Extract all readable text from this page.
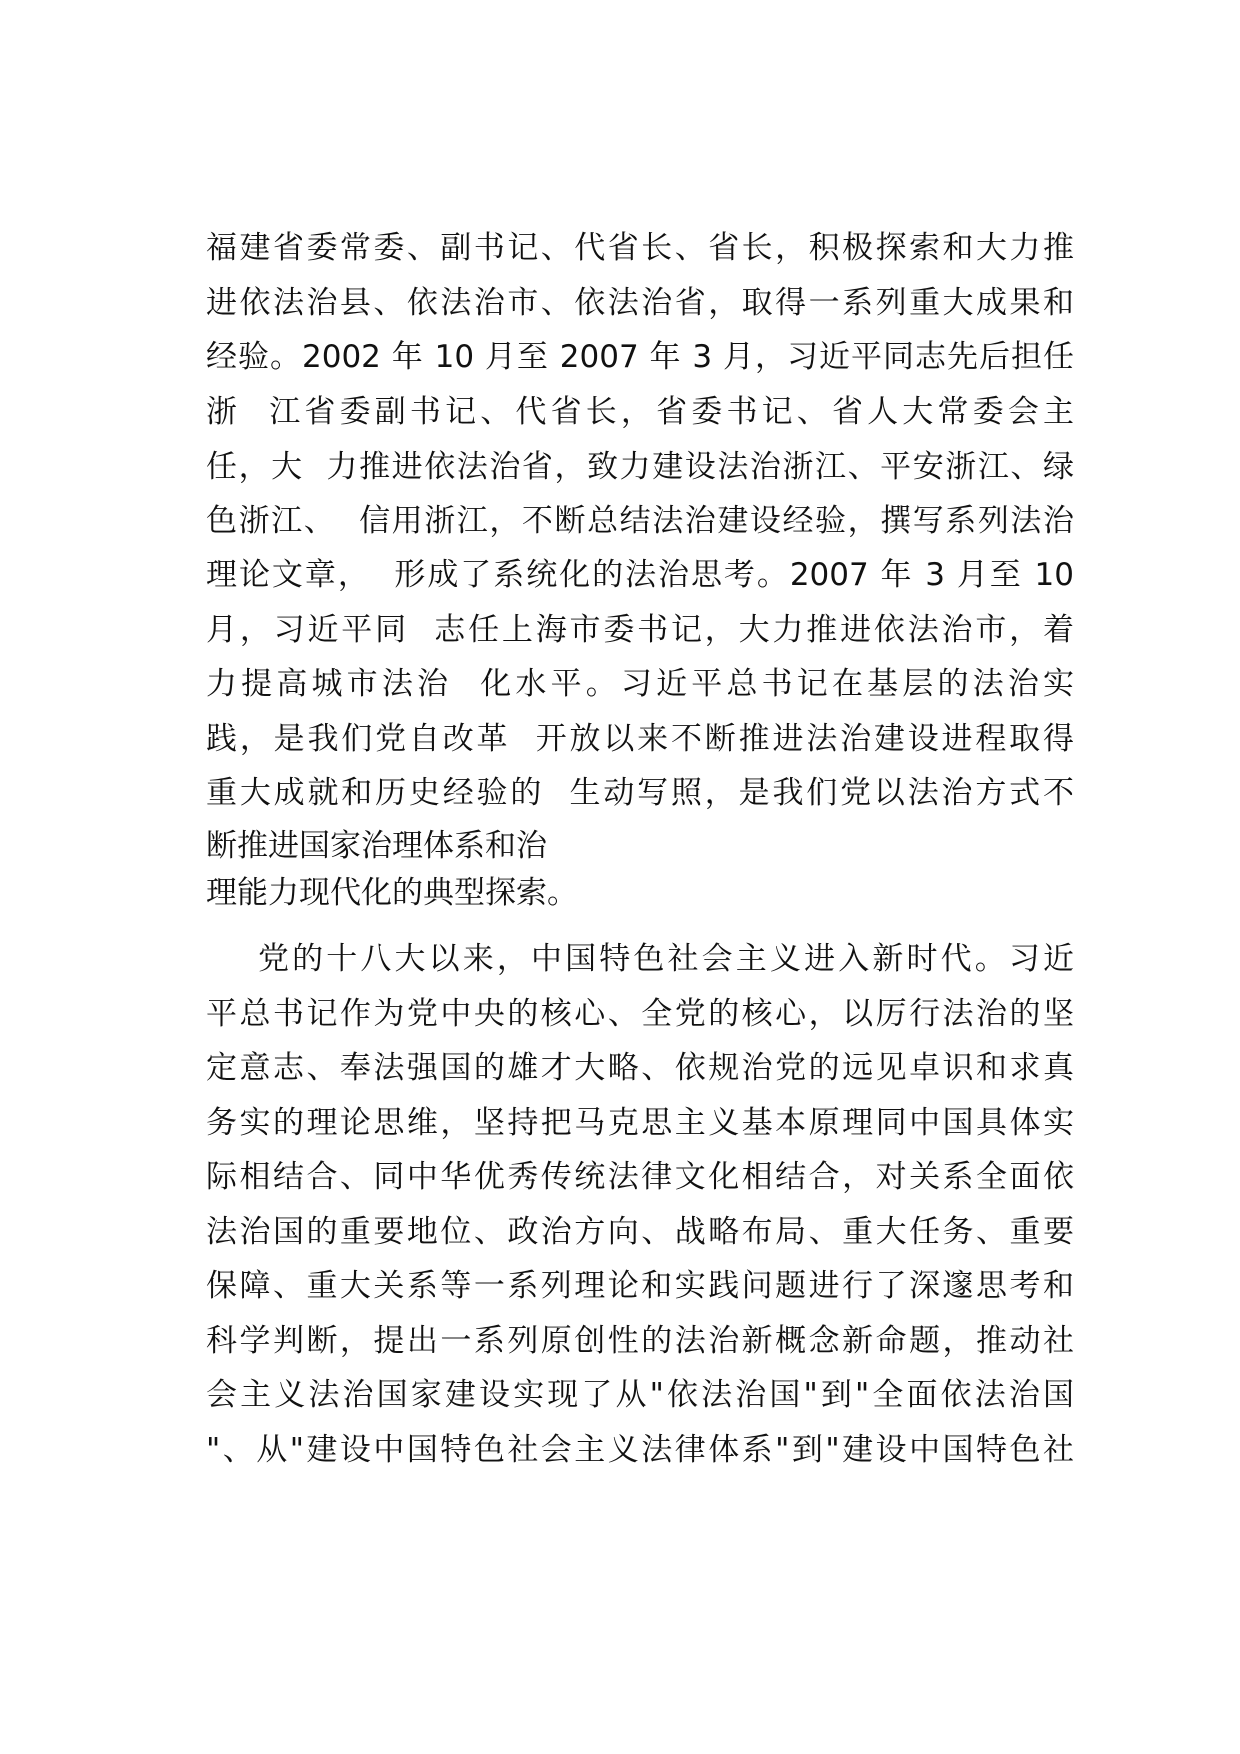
福建省委常委、副书记、代省长、省长，积极探索和大力推
进依法治县、依法治市、依法治省，取得一系列重大成果和
经验。2002 年 10 月至 2007 年 3 月，习近平同志先后担任
浙  江省委副书记、代省长，省委书记、省人大常委会主
任，大  力推进依法治省，致力建设法治浙江、平安浙江、绿
色浙江、  信用浙江，不断总结法治建设经验，撰写系列法治
理论文章，  形成了系统化的法治思考。2007 年 3 月至 10
月，习近平同  志任上海市委书记，大力推进依法治市，着
力提高城市法治  化水平。习近平总书记在基层的法治实
践，是我们党自改革  开放以来不断推进法治建设进程取得
重大成就和历史经验的  生动写照，是我们党以法治方式不
断推进国家治理体系和治
理能力现代化的典型探索。
党的十八大以来，中国特色社会主义进入新时代。习近
平总书记作为党中央的核心、全党的核心，以厉行法治的坚
定意志、奉法强国的雄才大略、依规治党的远见卓识和求真
务实的理论思维，坚持把马克思主义基本原理同中国具体实
际相结合、同中华优秀传统法律文化相结合，对关系全面依
法治国的重要地位、政治方向、战略布局、重大任务、重要
保障、重大关系等一系列理论和实践问题进行了深邃思考和
科学判断，提出一系列原创性的法治新概念新命题，推动社
会主义法治国家建设实现了从"依法治国"到"全面依法治国
"、从"建设中国特色社会主义法律体系"到"建设中国特色社
